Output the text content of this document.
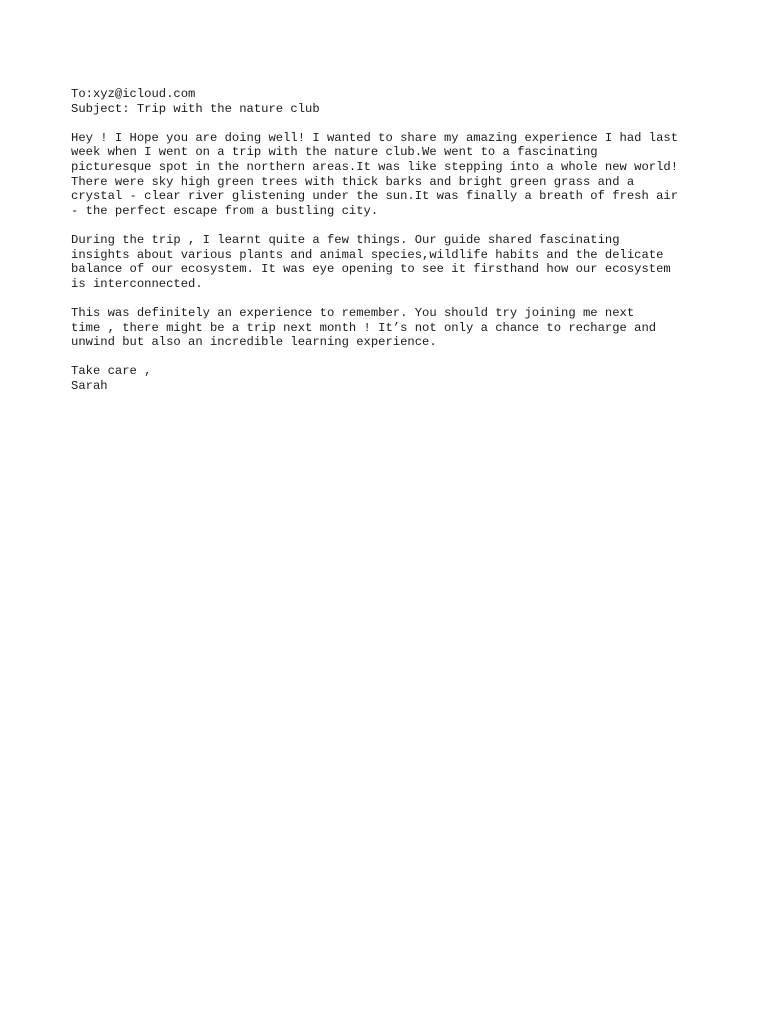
To:xyz@icloud.com
Subject: Trip with the nature club
Hey ! I Hope you are doing well! I wanted to share my amazing experience I had last
week when I went on a trip with the nature club.We went to a fascinating
picturesque spot in the northern areas.It was like stepping into a whole new world!
There were sky high green trees with thick barks and bright green grass and a
crystal - clear river glistening under the sun.It was finally a breath of fresh air
- the perfect escape from a bustling city.
During the trip , I learnt quite a few things. Our guide shared fascinating
insights about various plants and animal species,wildlife habits and the delicate
balance of our ecosystem. It was eye opening to see it firsthand how our ecosystem
is interconnected.
This was definitely an experience to remember. You should try joining me next
time , there might be a trip next month ! It’s not only a chance to recharge and
unwind but also an incredible learning experience.
Take care ,
Sarah
